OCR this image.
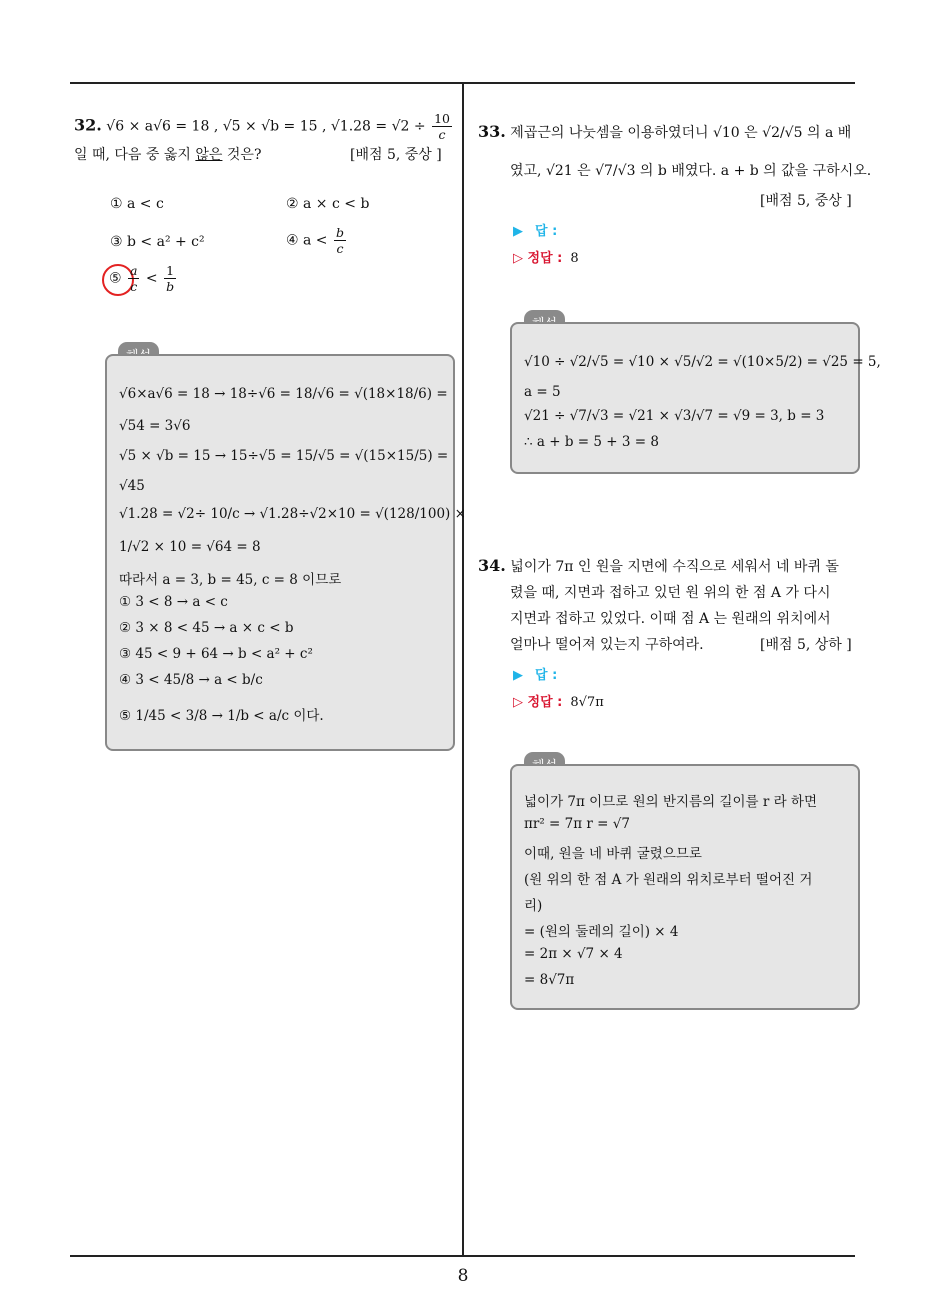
32. √6 × a√6 = 18 , √5 × √b = 15 , $√1.28 = √2 \div \frac{10}{c}$
일 때, 다음 중 옳지 않은 것은?	[배점 5, 중상 ]
① a < c	② a × c < b
③ b < a² + c²	④ $a < \frac{b}{c}$
⑤ $\frac{a}{c} < \frac{1}{b}$
√6×a√6 = 18 → 18÷√6 = 18/√6 = √(18×18/6) =
√54 = 3√6
√5 × √b = 15 → 15÷√5 = 15/√5 = √(15×15/5) =
√45
√1.28 = √2÷ 10/c → √1.28÷√2×10 = √(128/100) ×
1/√2 × 10 = √64 = 8
따라서 a = 3, b = 45, c = 8 이므로
① 3 < 8 → a < c
② 3 × 8 < 45 → a × c < b
③ 45 < 9 + 64 → b < a² + c²
④ 3 < 45/8 → a < b/c
⑤ 1/45 < 3/8 → 1/b < a/c 이다.
33. 제곱근의 나눗셈을 이용하였더니 √10 은 √2/√5 의 a 배
였고, √21 은 √7/√3 의 b 배였다. a + b 의 값을 구하시오.
[배점 5, 중상 ]
▶ 답 :
▷ 정답 : 8
√10 ÷ √2/√5 = √10 × √5/√2 = √(10×5/2) = √25 = 5,
a = 5
√21 ÷ √7/√3 = √21 × √3/√7 = √9 = 3, b = 3
∴ a + b = 5 + 3 = 8
34. 넓이가 7π 인 원을 지면에 수직으로 세워서 네 바퀴 돌
렸을 때, 지면과 접하고 있던 원 위의 한 점 A 가 다시
지면과 접하고 있었다. 이때 점 A 는 원래의 위치에서
얼마나 떨어져 있는지 구하여라.	[배점 5, 상하 ]
▶ 답 :
▷ 정답 : 8√7π
넓이가 7π 이므로 원의 반지름의 길이를 r 라 하면
πr² = 7π r = √7
이때, 원을 네 바퀴 굴렸으므로
(원 위의 한 점 A 가 원래의 위치로부터 떨어진 거
리)
= (원의 둘레의 길이) × 4
= 2π × √7 × 4
= 8√7π
8
